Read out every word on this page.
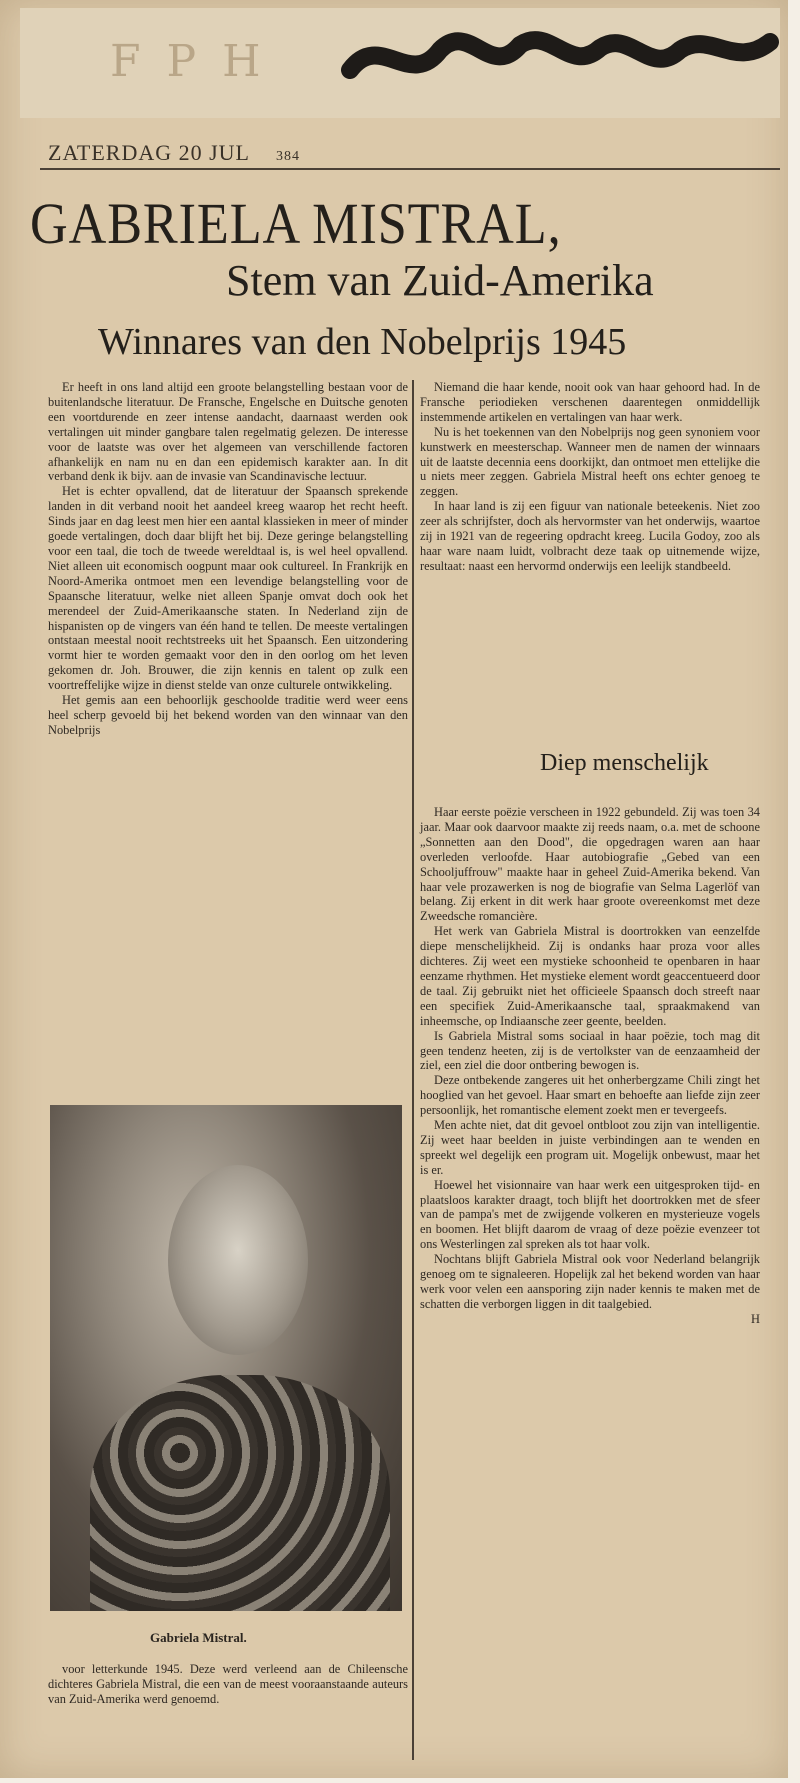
F P H
ZATERDAG 20 JUL 384
GABRIELA MISTRAL,
Stem van Zuid-Amerika
Winnares van den Nobelprijs 1945

Er heeft in ons land altijd een groote belangstelling bestaan voor de buitenlandsche literatuur. De Fransche, Engelsche en Duitsche genoten een voortdurende en zeer intense aandacht, daarnaast werden ook vertalingen uit minder gangbare talen regelmatig gelezen. De interesse voor de laatste was over het algemeen van verschillende factoren afhankelijk en nam nu en dan een epidemisch karakter aan. In dit verband denk ik bijv. aan de invasie van Scandinavische lectuur.

Het is echter opvallend, dat de literatuur der Spaansch sprekende landen in dit verband nooit het aandeel kreeg waarop het recht heeft. Sinds jaar en dag leest men hier een aantal klassieken in meer of minder goede vertalingen, doch daar blijft het bij. Deze geringe belangstelling voor een taal, die toch de tweede wereldtaal is, is wel heel opvallend. Niet alleen uit economisch oogpunt maar ook cultureel. In Frankrijk en Noord-Amerika ontmoet men een levendige belangstelling voor de Spaansche literatuur, welke niet alleen Spanje omvat doch ook het merendeel der Zuid-Amerikaansche staten. In Nederland zijn de hispanisten op de vingers van één hand te tellen. De meeste vertalingen ontstaan meestal nooit rechtstreeks uit het Spaansch. Een uitzondering vormt hier te worden gemaakt voor den in den oorlog om het leven gekomen dr. Joh. Brouwer, die zijn kennis en talent op zulk een voortreffelijke wijze in dienst stelde van onze culturele ontwikkeling.

Het gemis aan een behoorlijk geschoolde traditie werd weer eens heel scherp gevoeld bij het bekend worden van den winnaar van den Nobelprijs

Gabriela Mistral.

voor letterkunde 1945. Deze werd verleend aan de Chileensche dichteres Gabriela Mistral, die een van de meest vooraanstaande auteurs van Zuid-Amerika werd genoemd.

Niemand die haar kende, nooit ook van haar gehoord had. In de Fransche periodieken verschenen daarentegen onmiddellijk instemmende artikelen en vertalingen van haar werk.

Nu is het toekennen van den Nobelprijs nog geen synoniem voor kunstwerk en meesterschap. Wanneer men de namen der winnaars uit de laatste decennia eens doorkijkt, dan ontmoet men ettelijke die u niets meer zeggen. Gabriela Mistral heeft ons echter genoeg te zeggen.

In haar land is zij een figuur van nationale beteekenis. Niet zoo zeer als schrijfster, doch als hervormster van het onderwijs, waartoe zij in 1921 van de regeering opdracht kreeg. Lucila Godoy, zoo als haar ware naam luidt, volbracht deze taak op uitnemende wijze, resultaat: naast een hervormd onderwijs een leelijk standbeeld.

Diep menschelijk

Haar eerste poëzie verscheen in 1922 gebundeld. Zij was toen 34 jaar. Maar ook daarvoor maakte zij reeds naam, o.a. met de schoone „Sonnetten aan den Dood", die opgedragen waren aan haar overleden verloofde. Haar autobiografie „Gebed van een Schooljuffrouw" maakte haar in geheel Zuid-Amerika bekend. Van haar vele prozawerken is nog de biografie van Selma Lagerlöf van belang. Zij erkent in dit werk haar groote overeenkomst met deze Zweedsche romancière.

Het werk van Gabriela Mistral is doortrokken van eenzelfde diepe menschelijkheid. Zij is ondanks haar proza voor alles dichteres. Zij weet een mystieke schoonheid te openbaren in haar eenzame rhythmen. Het mystieke element wordt geaccentueerd door de taal. Zij gebruikt niet het officieele Spaansch doch streeft naar een specifiek Zuid-Amerikaansche taal, spraakmakend van inheemsche, op Indiaansche zeer geente, beelden.

Is Gabriela Mistral soms sociaal in haar poëzie, toch mag dit geen tendenz heeten, zij is de vertolkster van de eenzaamheid der ziel, een ziel die door ontbering bewogen is.

Deze ontbekende zangeres uit het onherbergzame Chili zingt het hooglied van het gevoel. Haar smart en behoefte aan liefde zijn zeer persoonlijk, het romantische element zoekt men er tevergeefs.

Men achte niet, dat dit gevoel ontbloot zou zijn van intelligentie. Zij weet haar beelden in juiste verbindingen aan te wenden en spreekt wel degelijk een program uit. Mogelijk onbewust, maar het is er.

Hoewel het visionnaire van haar werk een uitgesproken tijd- en plaatsloos karakter draagt, toch blijft het doortrokken met de sfeer van de pampa's met de zwijgende volkeren en mysterieuze vogels en boomen. Het blijft daarom de vraag of deze poëzie evenzeer tot ons Westerlingen zal spreken als tot haar volk.

Nochtans blijft Gabriela Mistral ook voor Nederland belangrijk genoeg om te signaleeren. Hopelijk zal het bekend worden van haar werk voor velen een aansporing zijn nader kennis te maken met de schatten die verborgen liggen in dit taalgebied.

H
